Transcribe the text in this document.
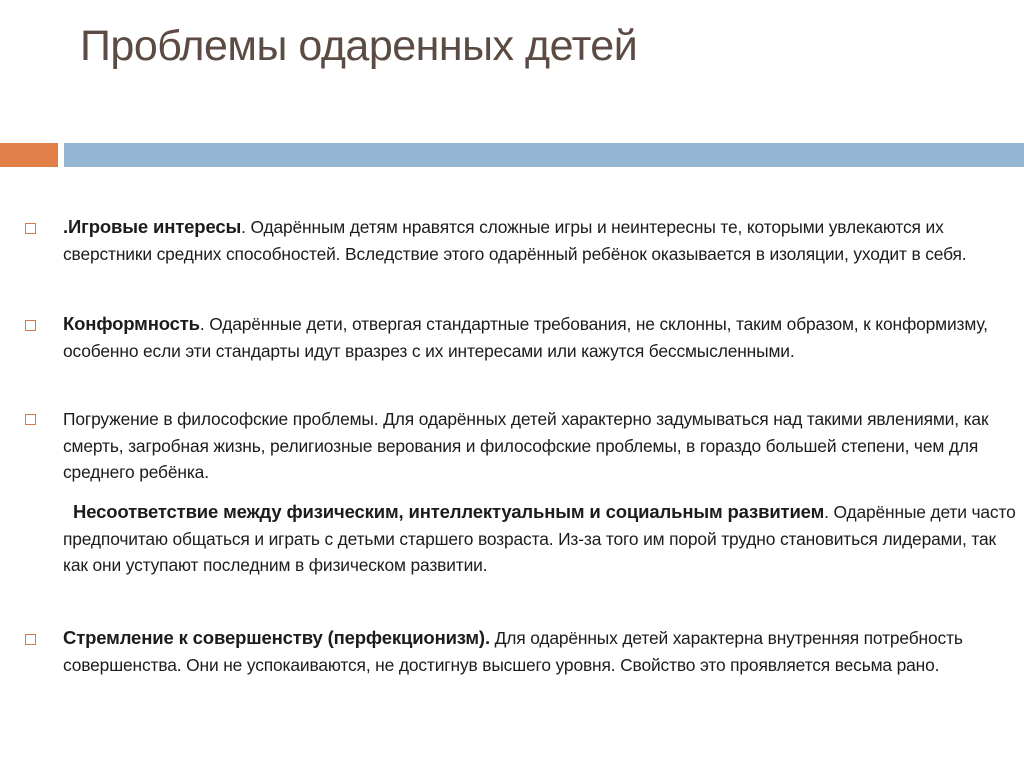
Проблемы одаренных детей
.Игровые интересы. Одарённым детям нравятся сложные игры и неинтересны те, которыми увлекаются их сверстники средних способностей. Вследствие этого одарённый ребёнок оказывается в изоляции, уходит в себя.
Конформность. Одарённые дети, отвергая стандартные требования, не склонны, таким образом, к конформизму, особенно если эти стандарты идут вразрез с их интересами или кажутся бессмысленными.
Погружение в философские проблемы. Для одарённых детей характерно задумываться над такими явлениями, как смерть, загробная жизнь, религиозные верования и философские проблемы, в гораздо большей степени, чем для среднего ребёнка.
Несоответствие между физическим, интеллектуальным и социальным развитием. Одарённые дети часто предпочитаю общаться и играть с детьми старшего возраста. Из-за того им порой трудно становиться лидерами, так как они уступают последним в физическом развитии.
Стремление к совершенству (перфекционизм). Для одарённых детей характерна внутренняя потребность совершенства. Они не успокаиваются, не достигнув высшего уровня. Свойство это проявляется весьма рано.
